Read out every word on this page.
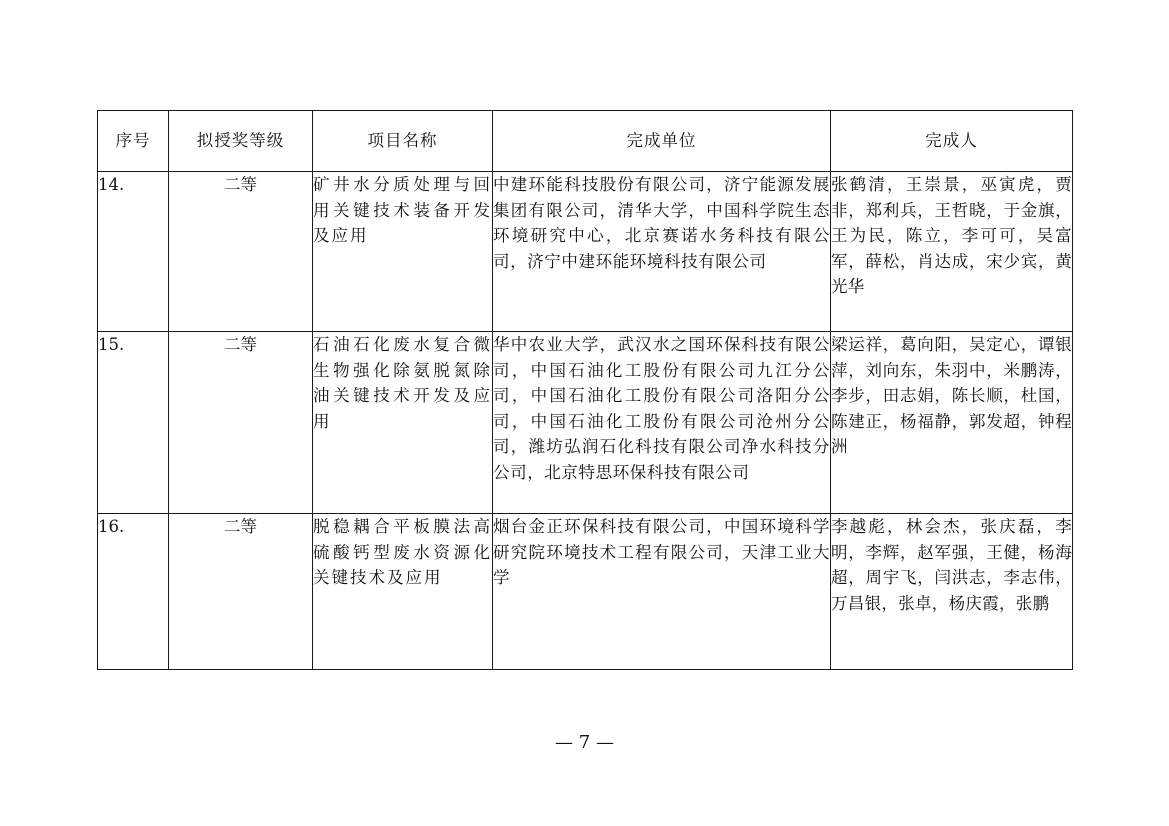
序号	拟授奖等级	项目名称	完成单位	完成人
14.	二等	矿井水分质处理与回用关键技术装备开发及应用	中建环能科技股份有限公司，济宁能源发展集团有限公司，清华大学，中国科学院生态环境研究中心，北京赛诺水务科技有限公司，济宁中建环能环境科技有限公司	张鹤清，王崇景，巫寅虎，贾非，郑利兵，王哲晓，于金旗，王为民，陈立，李可可，吴富军，薛松，肖达成，宋少宾，黄光华
15.	二等	石油石化废水复合微生物强化除氨脱氮除油关键技术开发及应用	华中农业大学，武汉水之国环保科技有限公司，中国石油化工股份有限公司九江分公司，中国石油化工股份有限公司洛阳分公司，中国石油化工股份有限公司沧州分公司，潍坊弘润石化科技有限公司净水科技分公司，北京特思环保科技有限公司	梁运祥，葛向阳，吴定心，谭银萍，刘向东，朱羽中，米鹏涛，李步，田志娟，陈长顺，杜国，陈建正，杨福静，郭发超，钟程洲
16.	二等	脱稳耦合平板膜法高硫酸钙型废水资源化关键技术及应用	烟台金正环保科技有限公司，中国环境科学研究院环境技术工程有限公司，天津工业大学	李越彪，林会杰，张庆磊，李明，李辉，赵军强，王健，杨海超，周宇飞，闫洪志，李志伟，万昌银，张卓，杨庆霞，张鹏
— 7 —
